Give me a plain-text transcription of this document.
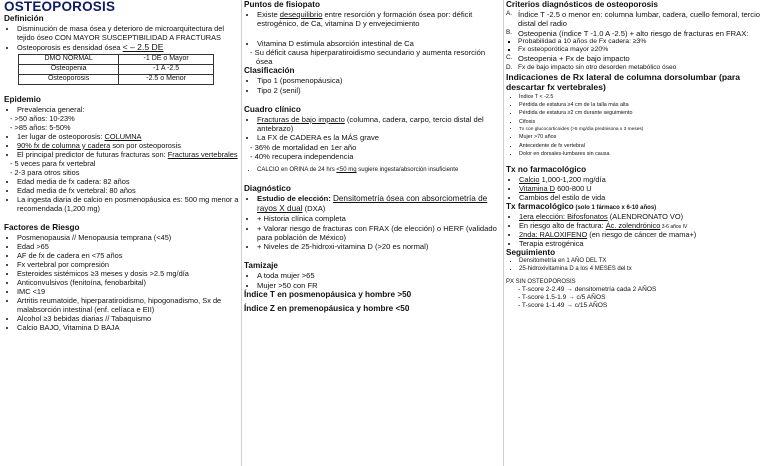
OSTEOPOROSIS
Definición
• Disminución de masa ósea y deterioro de microarquitectura del tejido óseo CON MAYOR SUSCEPTIBILIDAD A FRACTURAS
• Osteoporosis es densidad ósea < – 2.5 DE
DMO NORMAL	-1 DE o Mayor
Osteopenia	-1 A -2.5
Osteoporosis	-2.5 o Menor
Epidemio
• Prevalencia general:
- >50 años: 10-23%
- >85 años: 5-50%
• 1er lugar de osteoporosis: COLUMNA
• 90% fx de columna y cadera son por osteoporosis
• El principal predictor de futuras fracturas son: Fracturas vertebrales
- 5 veces para fx vertebral
- 2-3 para otros sitios
• Edad media de fx cadera: 82 años
• Edad media de fx vertebral: 80 años
• La ingesta diaria de calcio en posmenopáusica es: 500 mg menor a recomendada (1,200 mg)
Factores de Riesgo
• Posmenopausia // Menopausia temprana (<45)
• Edad >65
• AF de fx de cadera en <75 años
• Fx vertebral por compresión
• Esteroides sistémicos ≥3 meses y dosis >2.5 mg/día
• Anticonvulsivos (fenitoína, fenobarbital)
• IMC <19
• Artritis reumatoide, hiperparatiroidismo, hipogonadismo, Sx de malabsorción intestinal (enf. celíaca e EII)
• Alcohol ≥3 bebidas diarias // Tabaquismo
• Calcio BAJO, Vitamina D BAJA
Puntos de fisiopato
• Existe desequilibrio entre resorción y formación ósea por: déficit estrogénico, de Ca, vitamina D y envejecimiento
• Vitamina D estimula absorción intestinal de Ca
- Su déficit causa hiperparatiroidismo secundario y aumenta resorción ósea
Clasificación
• Tipo 1 (posmenopáusica)
• Tipo 2 (senil)
Cuadro clínico
• Fracturas de bajo impacto (columna, cadera, carpo, tercio distal del antebrazo)
• La FX de CADERA es la MÁS grave
- 36% de mortalidad en 1er año
- 40% recupera independencia
• CALCIO en ORINA de 24 hrs <50 mg sugiere ingesta/absorción insuficiente
Diagnóstico
• Estudio de elección: Densitometría ósea con absorciometría de rayos X dual (DXA)
• + Historia clínica completa
• + Valorar riesgo de fracturas con FRAX (de elección) o HERF (validado para población de México)
• + Niveles de 25-hidroxi-vitamina D (>20 es normal)
Tamizaje
• A toda mujer >65
• Mujer >50 con FR
Índice T en posmenopáusica y hombre >50
Índice Z en premenopáusica y hombre <50
Criterios diagnósticos de osteoporosis
A. Índice T -2.5 o menor en: columna lumbar, cadera, cuello femoral, tercio distal del radio
B. Osteopenia (índice T -1.0 A -2.5) + alto riesgo de fracturas en FRAX:
▪ Probabilidad a 10 años de Fx cadera: ≥3%
▪ Fx osteoporótica mayor ≥20%
C. Osteopenia + Fx de bajo impacto
D. Fx de bajo impacto sin otro desorden metabólico óseo
Indicaciones de Rx lateral de columna dorsolumbar (para descartar fx vertebrales)
• Índice T < -2.5
• Pérdida de estatura ≥4 cm de la talla más alta
• Pérdida de estatura ≥2 cm durante seguimiento
• Cifosis
• Tx con glucocorticoides (>5 mg/día prednisona x 3 meses)
• Mujer >70 años
• Antecedente de fx vertebral
• Dolor en dorsales-lumbares sin causa
Tx no farmacológico
• Calcio 1,000-1,200 mg/día
• Vitamina D 600-800 U
• Cambios del estilo de vida
Tx farmacológico (solo 1 fármaco x 6-10 años)
• 1era elección: Bifosfonatos (ALENDRONATO VO)
• En riesgo alto de fractura: Ác. zolendrónico 3-6 años IV
• 2nda: RALOXIFENO (en riesgo de cáncer de mama+)
• Terapia estrogénica
Seguimiento
• Densitometría en 1 AÑO DEL TX
• 25-hidroxivitamina D a los 4 MESES del tx
PX SIN OSTEOPOROSIS
- T-score 2-2.49 → densitometría cada 2 AÑOS
- T-score 1.5-1.9 → c/5 AÑOS
- T-score 1-1.49 → c/15 AÑOS
